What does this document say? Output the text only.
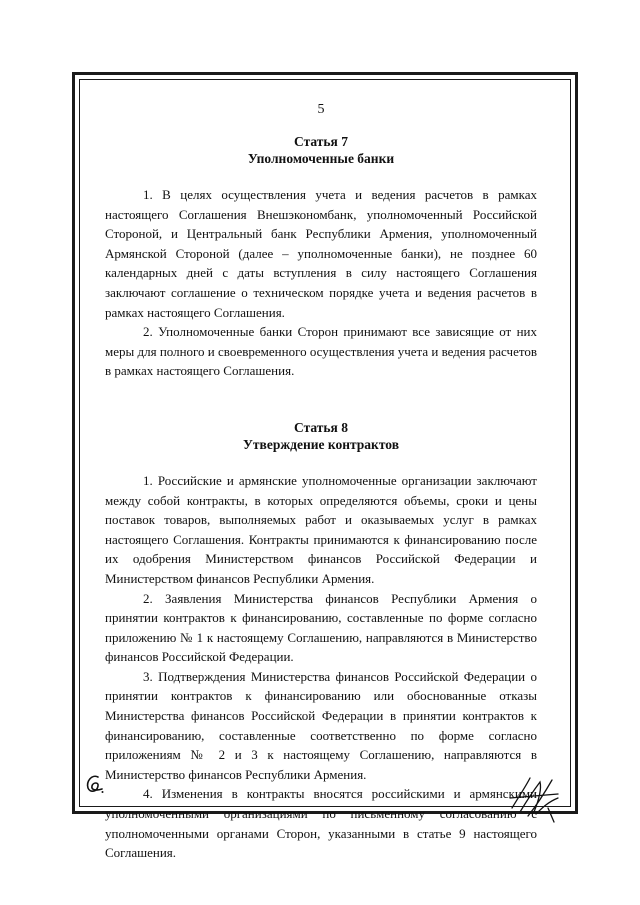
5
Статья 7
Уполномоченные банки

1. В целях осуществления учета и ведения расчетов в рамках настоящего Соглашения Внешэкономбанк, уполномоченный Российской Стороной, и Центральный банк Республики Армения, уполномоченный Армянской Стороной (далее – уполномоченные банки), не позднее 60 календарных дней с даты вступления в силу настоящего Соглашения заключают соглашение о техническом порядке учета и ведения расчетов в рамках настоящего Соглашения.

2. Уполномоченные банки Сторон принимают все зависящие от них меры для полного и своевременного осуществления учета и ведения расчетов в рамках настоящего Соглашения.

Статья 8
Утверждение контрактов

1. Российские и армянские уполномоченные организации заключают между собой контракты, в которых определяются объемы, сроки и цены поставок товаров, выполняемых работ и оказываемых услуг в рамках настоящего Соглашения. Контракты принимаются к финансированию после их одобрения Министерством финансов Российской Федерации и Министерством финансов Республики Армения.

2. Заявления Министерства финансов Республики Армения о принятии контрактов к финансированию, составленные по форме согласно приложению № 1 к настоящему Соглашению, направляются в Министерство финансов Российской Федерации.

3. Подтверждения Министерства финансов Российской Федерации о принятии контрактов к финансированию или обоснованные отказы Министерства финансов Российской Федерации в принятии контрактов к финансированию, составленные соответственно по форме согласно приложениям № 2 и 3 к настоящему Соглашению, направляются в Министерство финансов Республики Армения.

4. Изменения в контракты вносятся российскими и армянскими уполномоченными организациями по письменному согласованию с уполномоченными органами Сторон, указанными в статье 9 настоящего Соглашения.
